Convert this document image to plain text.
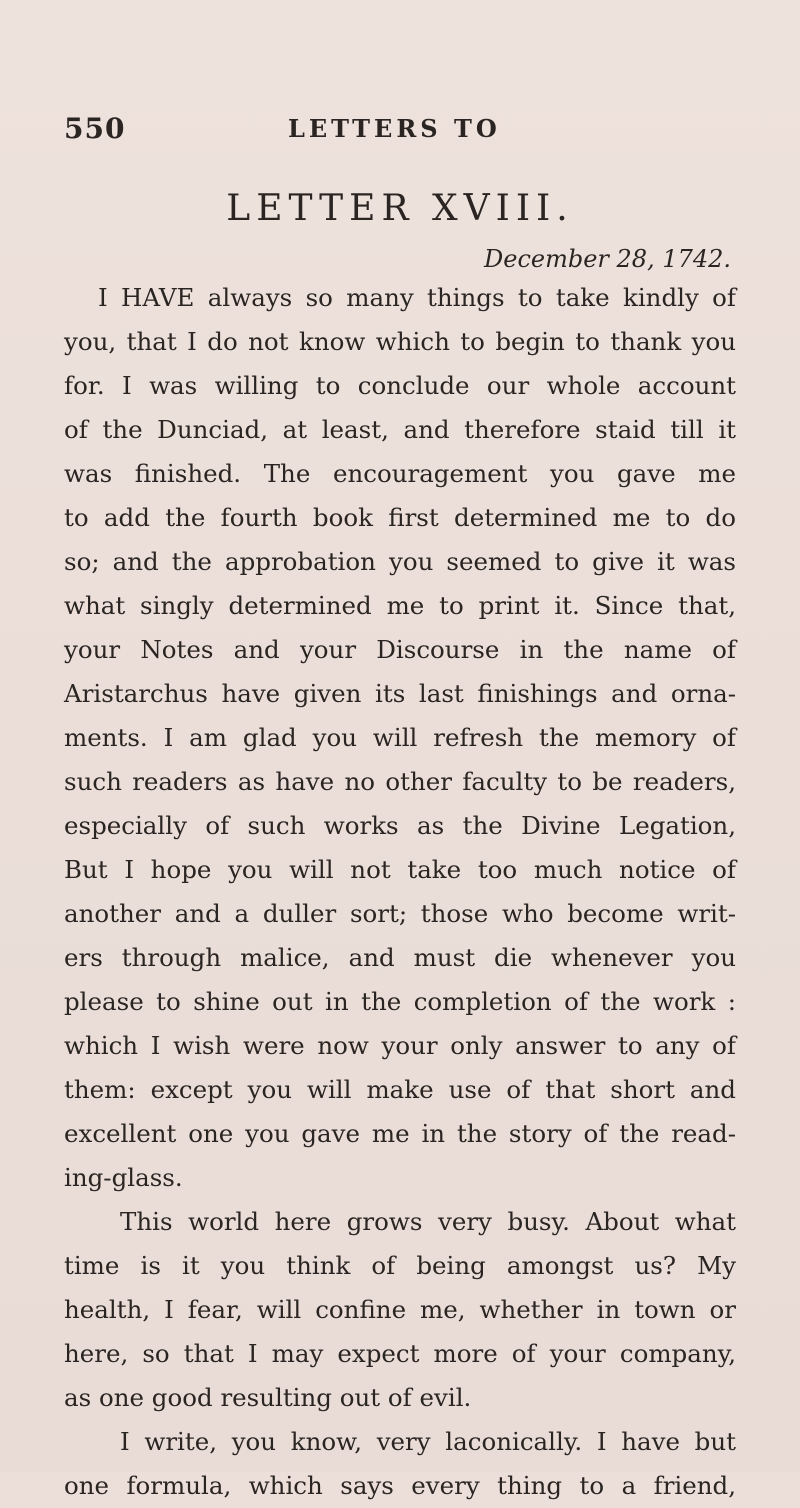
550	LETTERS TO
LETTER XVIII.
December 28, 1742.
I HAVE always so many things to take kindly of
you, that I do not know which to begin to thank you
for. I was willing to conclude our whole account
of the Dunciad, at least, and therefore staid till it
was finished. The encouragement you gave me
to add the fourth book first determined me to do
so; and the approbation you seemed to give it was
what singly determined me to print it. Since that,
your Notes and your Discourse in the name of
Aristarchus have given its last finishings and orna-
ments. I am glad you will refresh the memory of
such readers as have no other faculty to be readers,
especially of such works as the Divine Legation,
But I hope you will not take too much notice of
another and a duller sort; those who become writ-
ers through malice, and must die whenever you
please to shine out in the completion of the work :
which I wish were now your only answer to any of
them: except you will make use of that short and
excellent one you gave me in the story of the read-
ing-glass.
This world here grows very busy. About what
time is it you think of being amongst us? My
health, I fear, will confine me, whether in town or
here, so that I may expect more of your company,
as one good resulting out of evil.
I write, you know, very laconically. I have but
one formula, which says every thing to a friend,
